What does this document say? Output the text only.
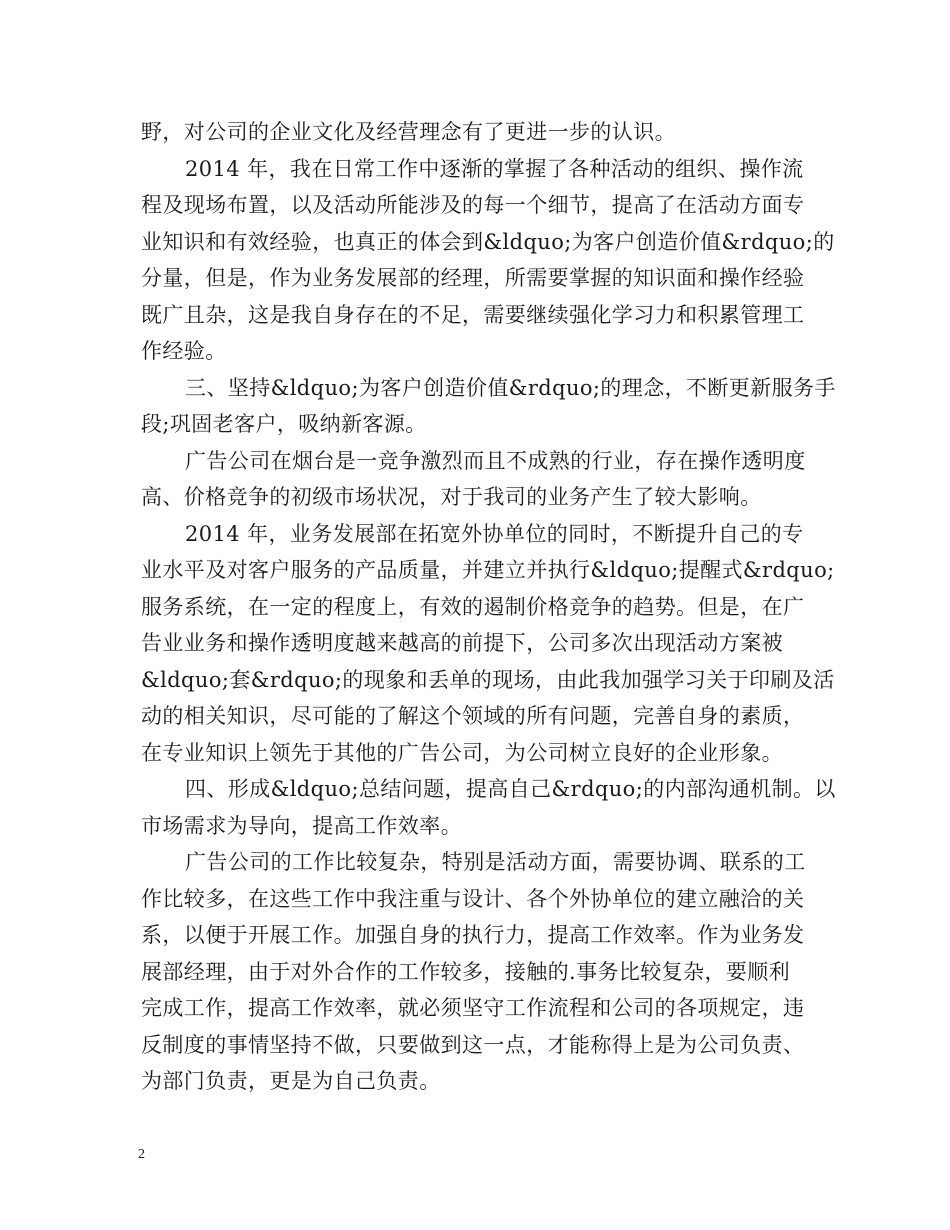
野，对公司的企业文化及经营理念有了更进一步的认识。
2014 年，我在日常工作中逐渐的掌握了各种活动的组织、操作流
程及现场布置，以及活动所能涉及的每一个细节，提高了在活动方面专
业知识和有效经验，也真正的体会到&ldquo;为客户创造价值&rdquo;的
分量，但是，作为业务发展部的经理，所需要掌握的知识面和操作经验
既广且杂，这是我自身存在的不足，需要继续强化学习力和积累管理工
作经验。
三、坚持&ldquo;为客户创造价值&rdquo;的理念，不断更新服务手
段;巩固老客户，吸纳新客源。
广告公司在烟台是一竞争激烈而且不成熟的行业，存在操作透明度
高、价格竞争的初级市场状况，对于我司的业务产生了较大影响。
2014 年，业务发展部在拓宽外协单位的同时，不断提升自己的专
业水平及对客户服务的产品质量，并建立并执行&ldquo;提醒式&rdquo;
服务系统，在一定的程度上，有效的遏制价格竞争的趋势。但是，在广
告业业务和操作透明度越来越高的前提下，公司多次出现活动方案被
&ldquo;套&rdquo;的现象和丢单的现场，由此我加强学习关于印刷及活
动的相关知识，尽可能的了解这个领域的所有问题，完善自身的素质，
在专业知识上领先于其他的广告公司，为公司树立良好的企业形象。
四、形成&ldquo;总结问题，提高自己&rdquo;的内部沟通机制。以
市场需求为导向，提高工作效率。
广告公司的工作比较复杂，特别是活动方面，需要协调、联系的工
作比较多，在这些工作中我注重与设计、各个外协单位的建立融洽的关
系，以便于开展工作。加强自身的执行力，提高工作效率。作为业务发
展部经理，由于对外合作的工作较多，接触的.事务比较复杂，要顺利
完成工作，提高工作效率，就必须坚守工作流程和公司的各项规定，违
反制度的事情坚持不做，只要做到这一点，才能称得上是为公司负责、
为部门负责，更是为自己负责。
2
